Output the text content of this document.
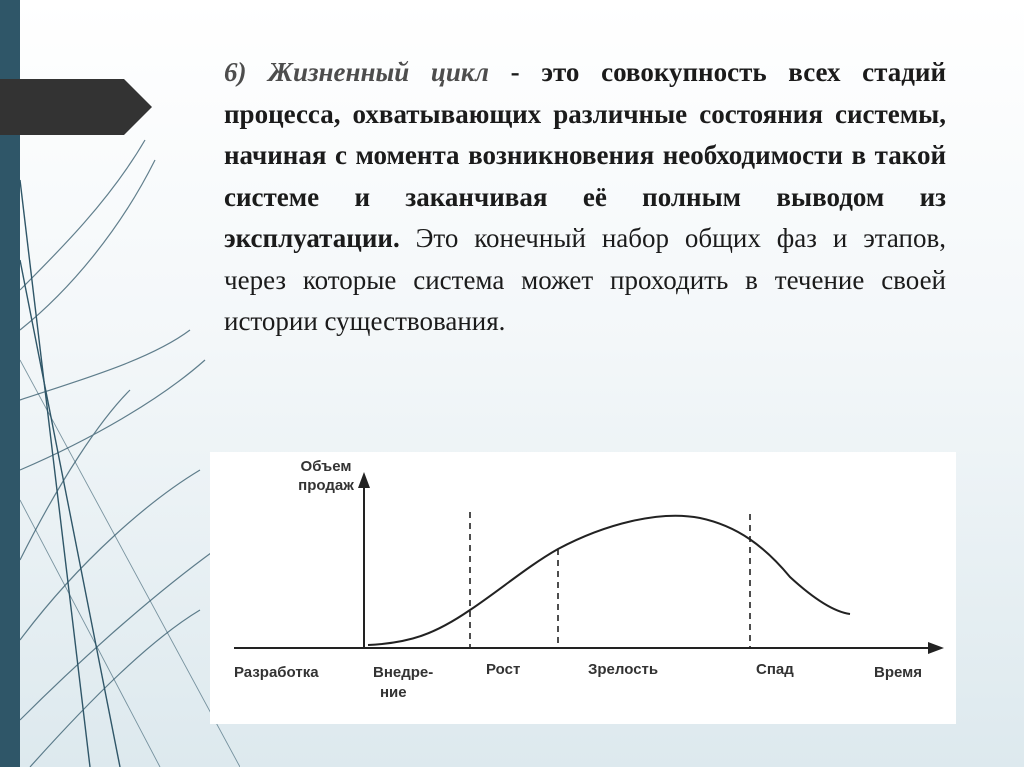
6) Жизненный цикл - это совокупность всех стадий процесса, охватывающих различные состояния системы, начиная с момента возникновения необходимости в такой системе и заканчивая её полным выводом из эксплуатации. Это конечный набор общих фаз и этапов, через которые система может проходить в течение своей истории существования.
Объем
продаж
Разработка	Внедре-
ние
Рост	Зрелость	Спад	Время
